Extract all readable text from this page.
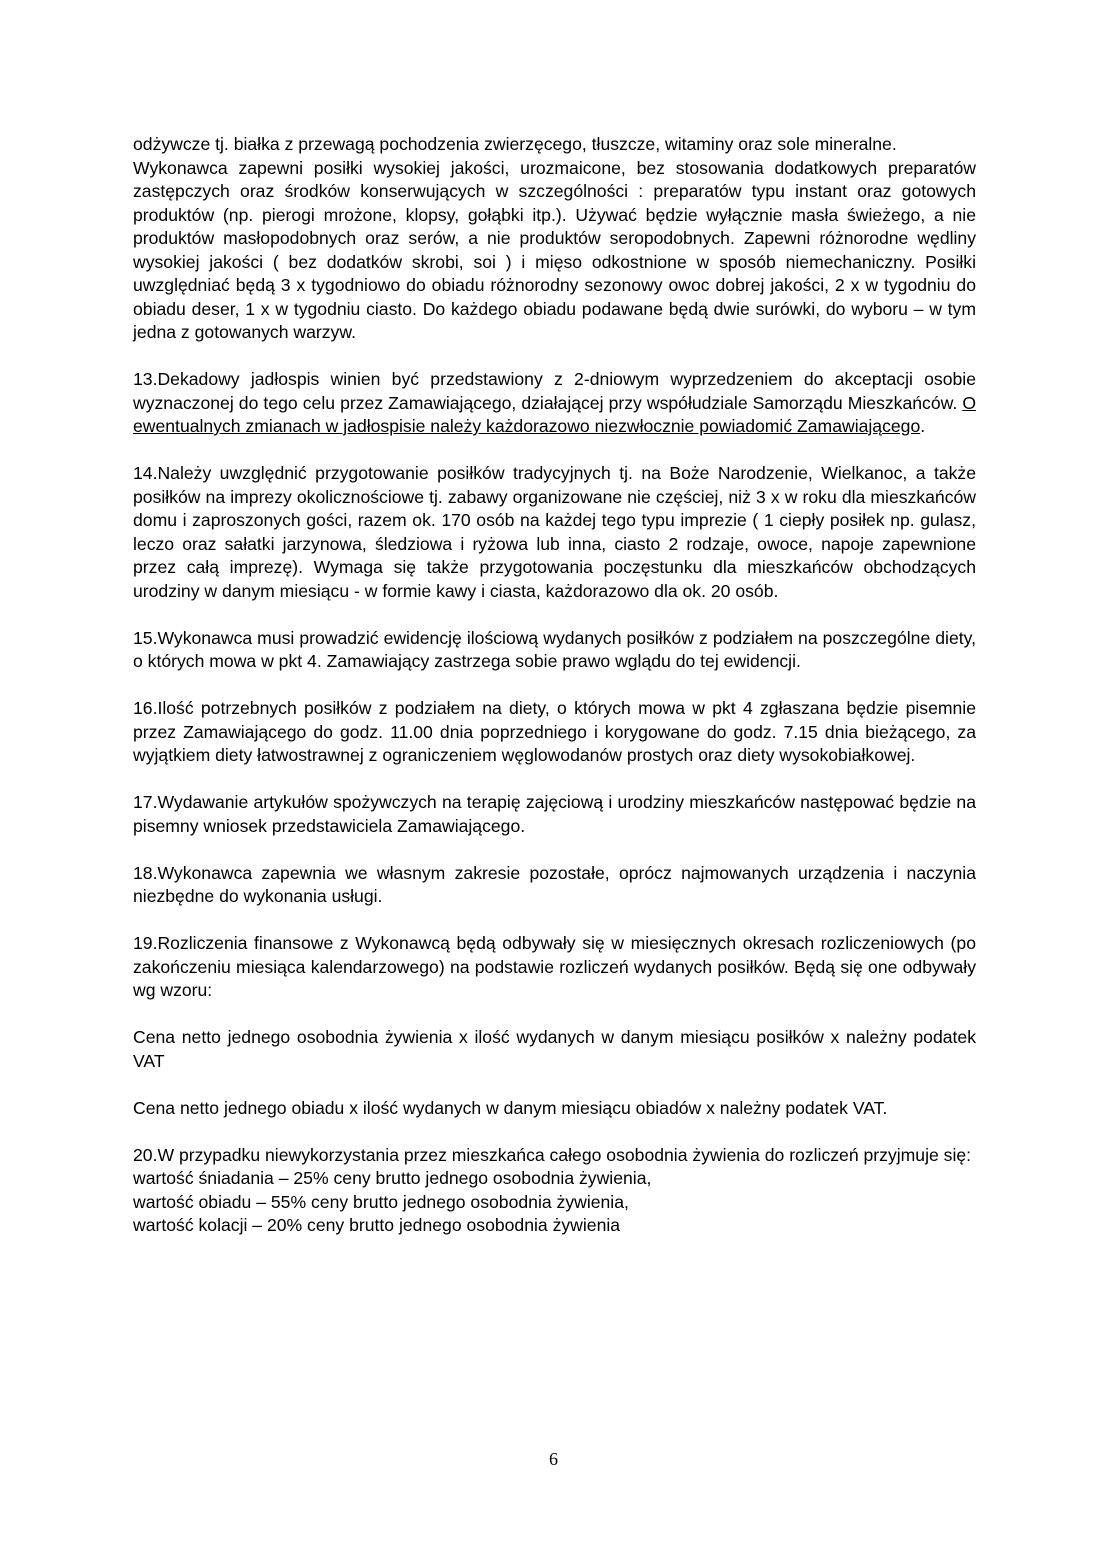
odżywcze tj. białka z przewagą pochodzenia zwierzęcego, tłuszcze, witaminy oraz sole mineralne.

Wykonawca zapewni posiłki wysokiej jakości, urozmaicone, bez stosowania dodatkowych preparatów zastępczych oraz środków konserwujących w szczególności : preparatów typu instant oraz gotowych produktów (np. pierogi mrożone, klopsy, gołąbki itp.). Używać będzie wyłącznie masła świeżego, a nie produktów masłopodobnych oraz serów, a nie produktów seropodobnych. Zapewni różnorodne wędliny wysokiej jakości ( bez dodatków skrobi, soi ) i mięso odkostnione w sposób niemechaniczny. Posiłki uwzględniać będą 3 x tygodniowo do obiadu różnorodny sezonowy owoc dobrej jakości, 2 x w tygodniu do obiadu deser, 1 x w tygodniu ciasto. Do każdego obiadu podawane będą dwie surówki, do wyboru – w tym jedna z gotowanych warzyw.

13.Dekadowy jadłospis winien być przedstawiony z 2-dniowym wyprzedzeniem do akceptacji osobie wyznaczonej do tego celu przez Zamawiającego, działającej przy współudziale Samorządu Mieszkańców. O ewentualnych zmianach w jadłospisie należy każdorazowo niezwłocznie powiadomić Zamawiającego.

14.Należy uwzględnić przygotowanie posiłków tradycyjnych tj. na Boże Narodzenie, Wielkanoc, a także posiłków na imprezy okolicznościowe tj. zabawy organizowane nie częściej, niż 3 x w roku dla mieszkańców domu i zaproszonych gości, razem ok. 170 osób na każdej tego typu imprezie ( 1 ciepły posiłek np. gulasz, leczo oraz sałatki jarzynowa, śledziowa i ryżowa lub inna, ciasto 2 rodzaje, owoce, napoje zapewnione przez całą imprezę). Wymaga się także przygotowania poczęstunku dla mieszkańców obchodzących urodziny w danym miesiącu - w formie kawy i ciasta, każdorazowo dla ok. 20 osób.

15.Wykonawca musi prowadzić ewidencję ilościową wydanych posiłków z podziałem na poszczególne diety, o których mowa w pkt 4. Zamawiający zastrzega sobie prawo wglądu do tej ewidencji.

16.Ilość potrzebnych posiłków z podziałem na diety, o których mowa w pkt 4 zgłaszana będzie pisemnie przez Zamawiającego do godz. 11.00 dnia poprzedniego i korygowane do godz. 7.15 dnia bieżącego, za wyjątkiem diety łatwostrawnej z ograniczeniem węglowodanów prostych oraz diety wysokobiałkowej.

17.Wydawanie artykułów spożywczych na terapię zajęciową i urodziny mieszkańców następować będzie na pisemny wniosek przedstawiciela Zamawiającego.

18.Wykonawca zapewnia we własnym zakresie pozostałe, oprócz najmowanych urządzenia i naczynia niezbędne do wykonania usługi.

19.Rozliczenia finansowe z Wykonawcą będą odbywały się w miesięcznych okresach rozliczeniowych (po zakończeniu miesiąca kalendarzowego) na podstawie rozliczeń wydanych posiłków. Będą się one odbywały wg wzoru:

Cena netto jednego osobodnia żywienia x ilość wydanych w danym miesiącu posiłków x należny podatek VAT

Cena netto jednego obiadu x ilość wydanych w danym miesiącu obiadów x należny podatek VAT.

20.W przypadku niewykorzystania przez mieszkańca całego osobodnia żywienia do rozliczeń przyjmuje się:

wartość śniadania – 25% ceny brutto jednego osobodnia żywienia,

wartość obiadu – 55% ceny brutto jednego osobodnia żywienia,

wartość kolacji – 20% ceny brutto jednego osobodnia żywienia

6
